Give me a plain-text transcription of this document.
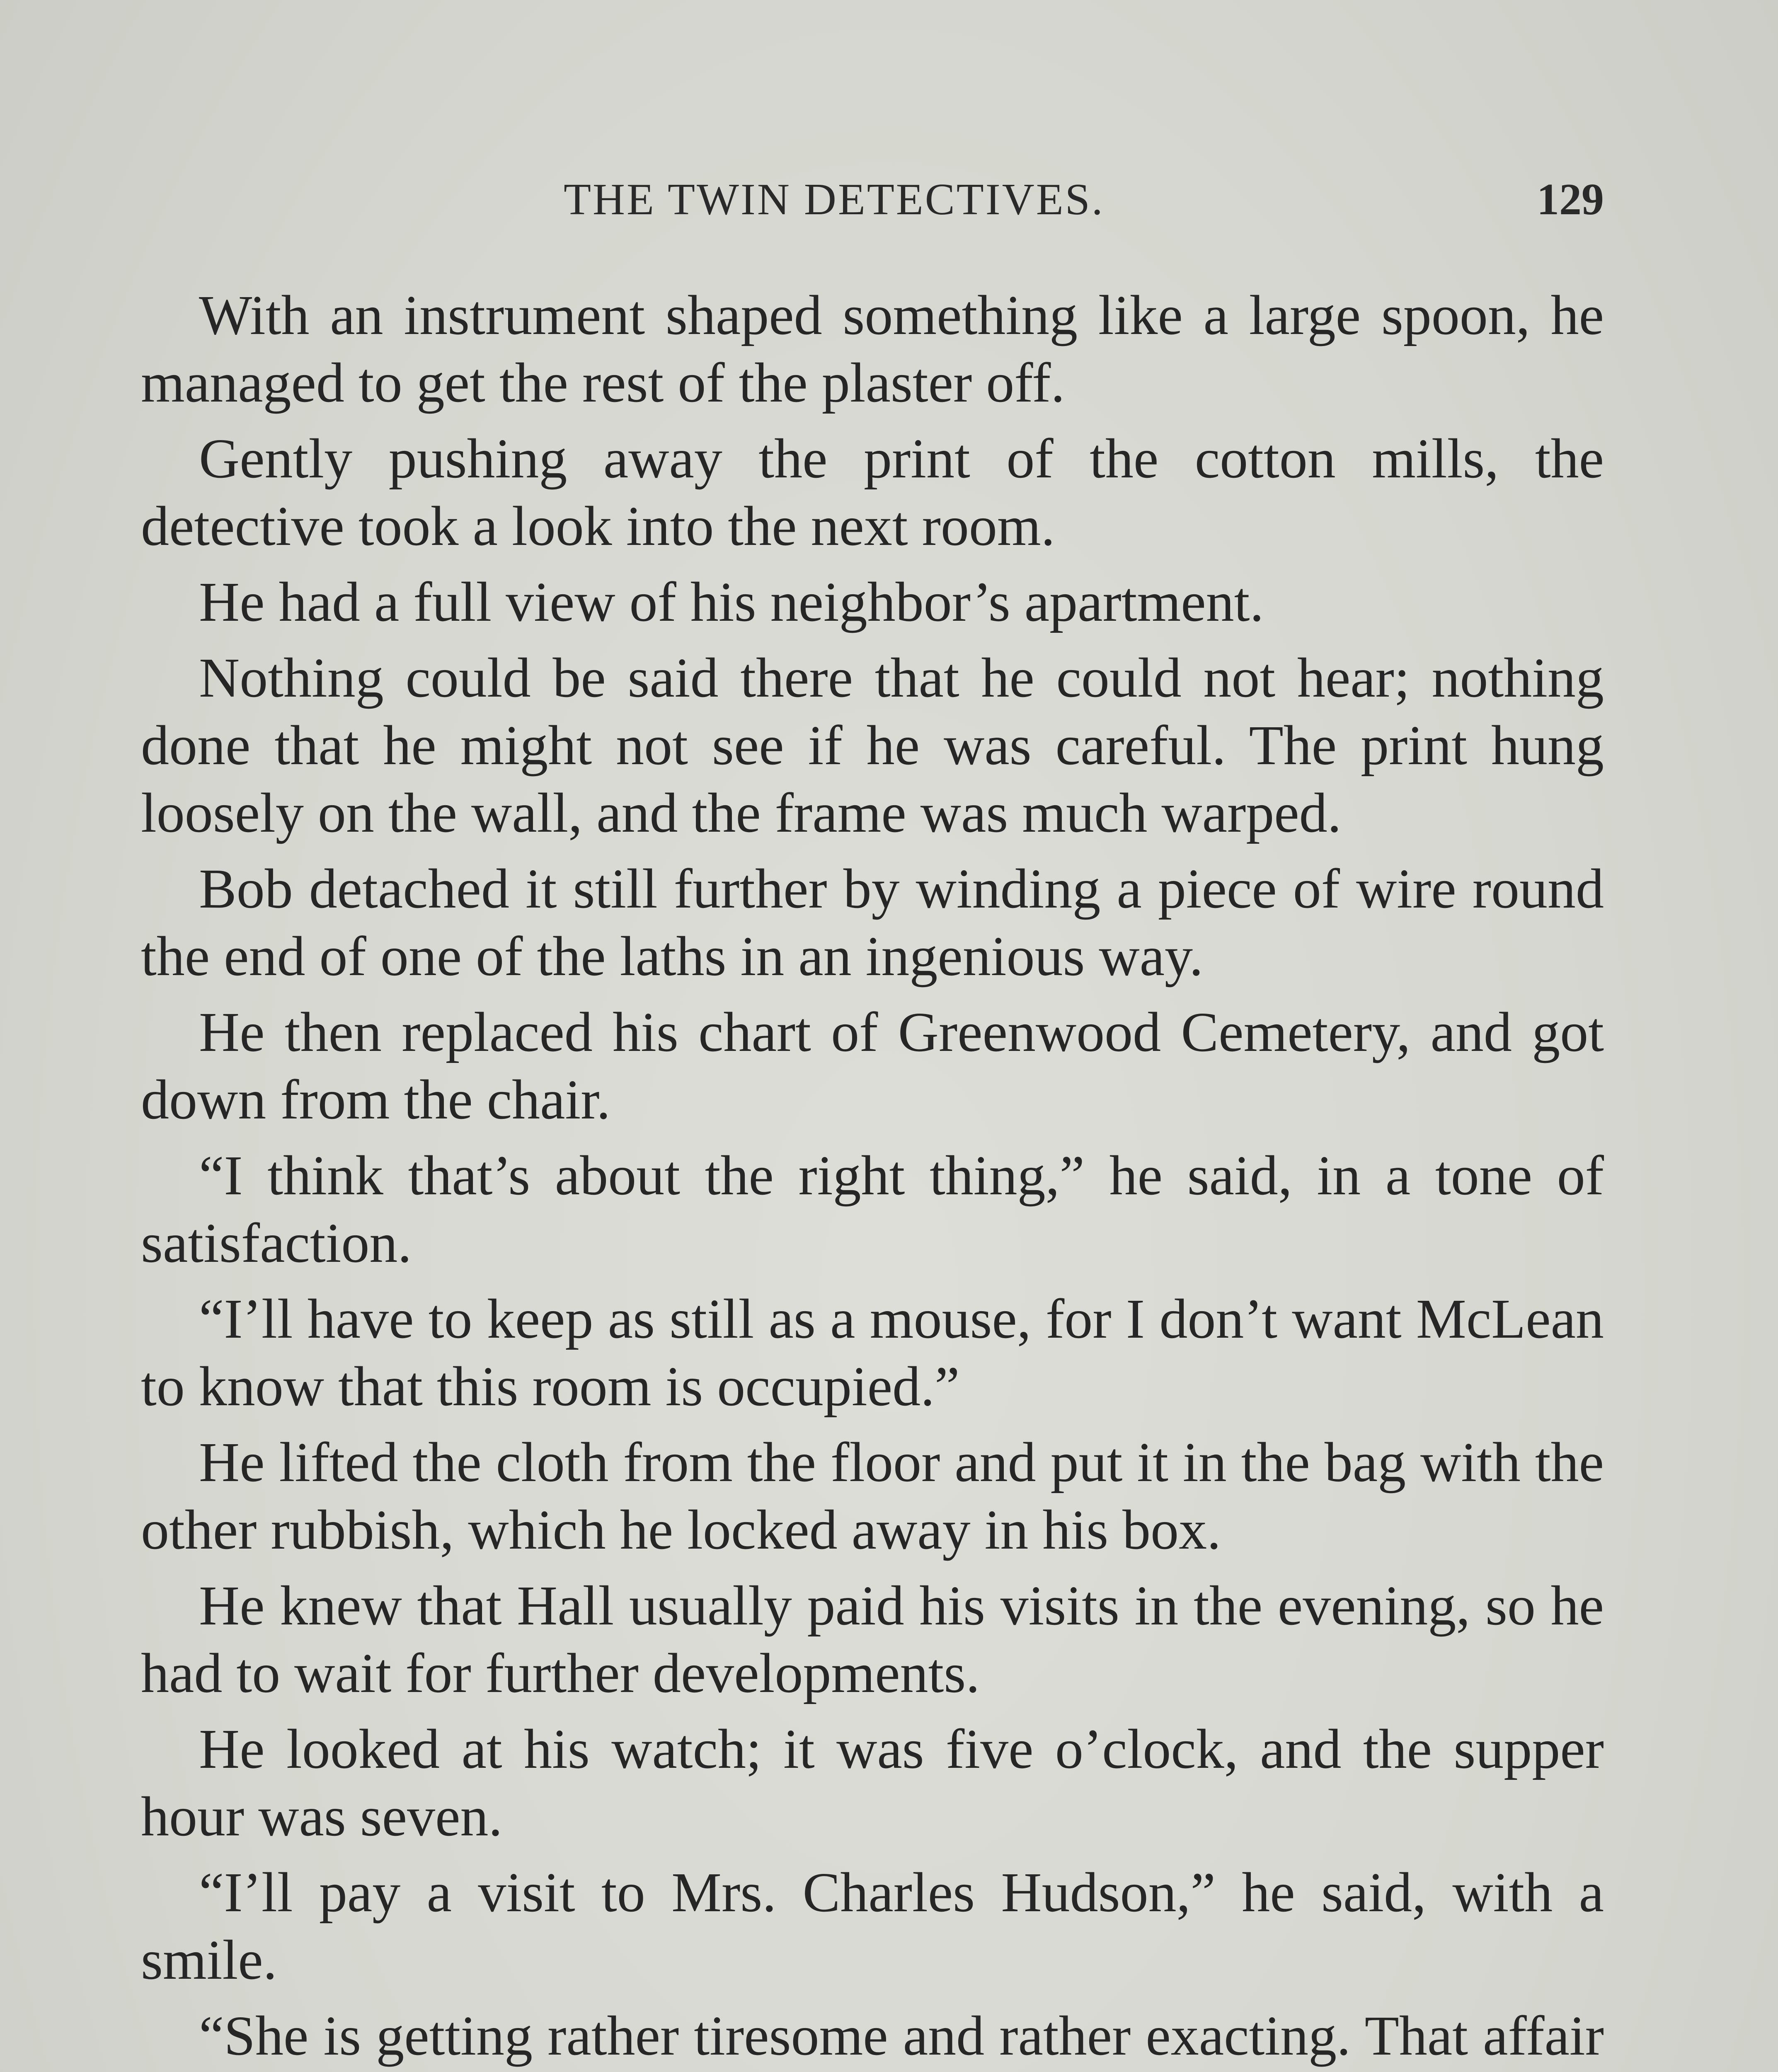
THE TWIN DETECTIVES.	129

With an instrument shaped something like a large spoon, he managed to get the rest of the plaster off.

Gently pushing away the print of the cotton mills, the detective took a look into the next room.

He had a full view of his neighbor’s apartment.

Nothing could be said there that he could not hear; nothing done that he might not see if he was careful. The print hung loosely on the wall, and the frame was much warped.

Bob detached it still further by winding a piece of wire round the end of one of the laths in an ingenious way.

He then replaced his chart of Greenwood Cemetery, and got down from the chair.

“I think that’s about the right thing,” he said, in a tone of satisfaction.

“I’ll have to keep as still as a mouse, for I don’t want McLean to know that this room is occupied.”

He lifted the cloth from the floor and put it in the bag with the other rubbish, which he locked away in his box.

He knew that Hall usually paid his visits in the evening, so he had to wait for further developments.

He looked at his watch; it was five o’clock, and the supper hour was seven.

“I’ll pay a visit to Mrs. Charles Hudson,” he said, with a smile.

“She is getting rather tiresome and rather exacting. That affair
